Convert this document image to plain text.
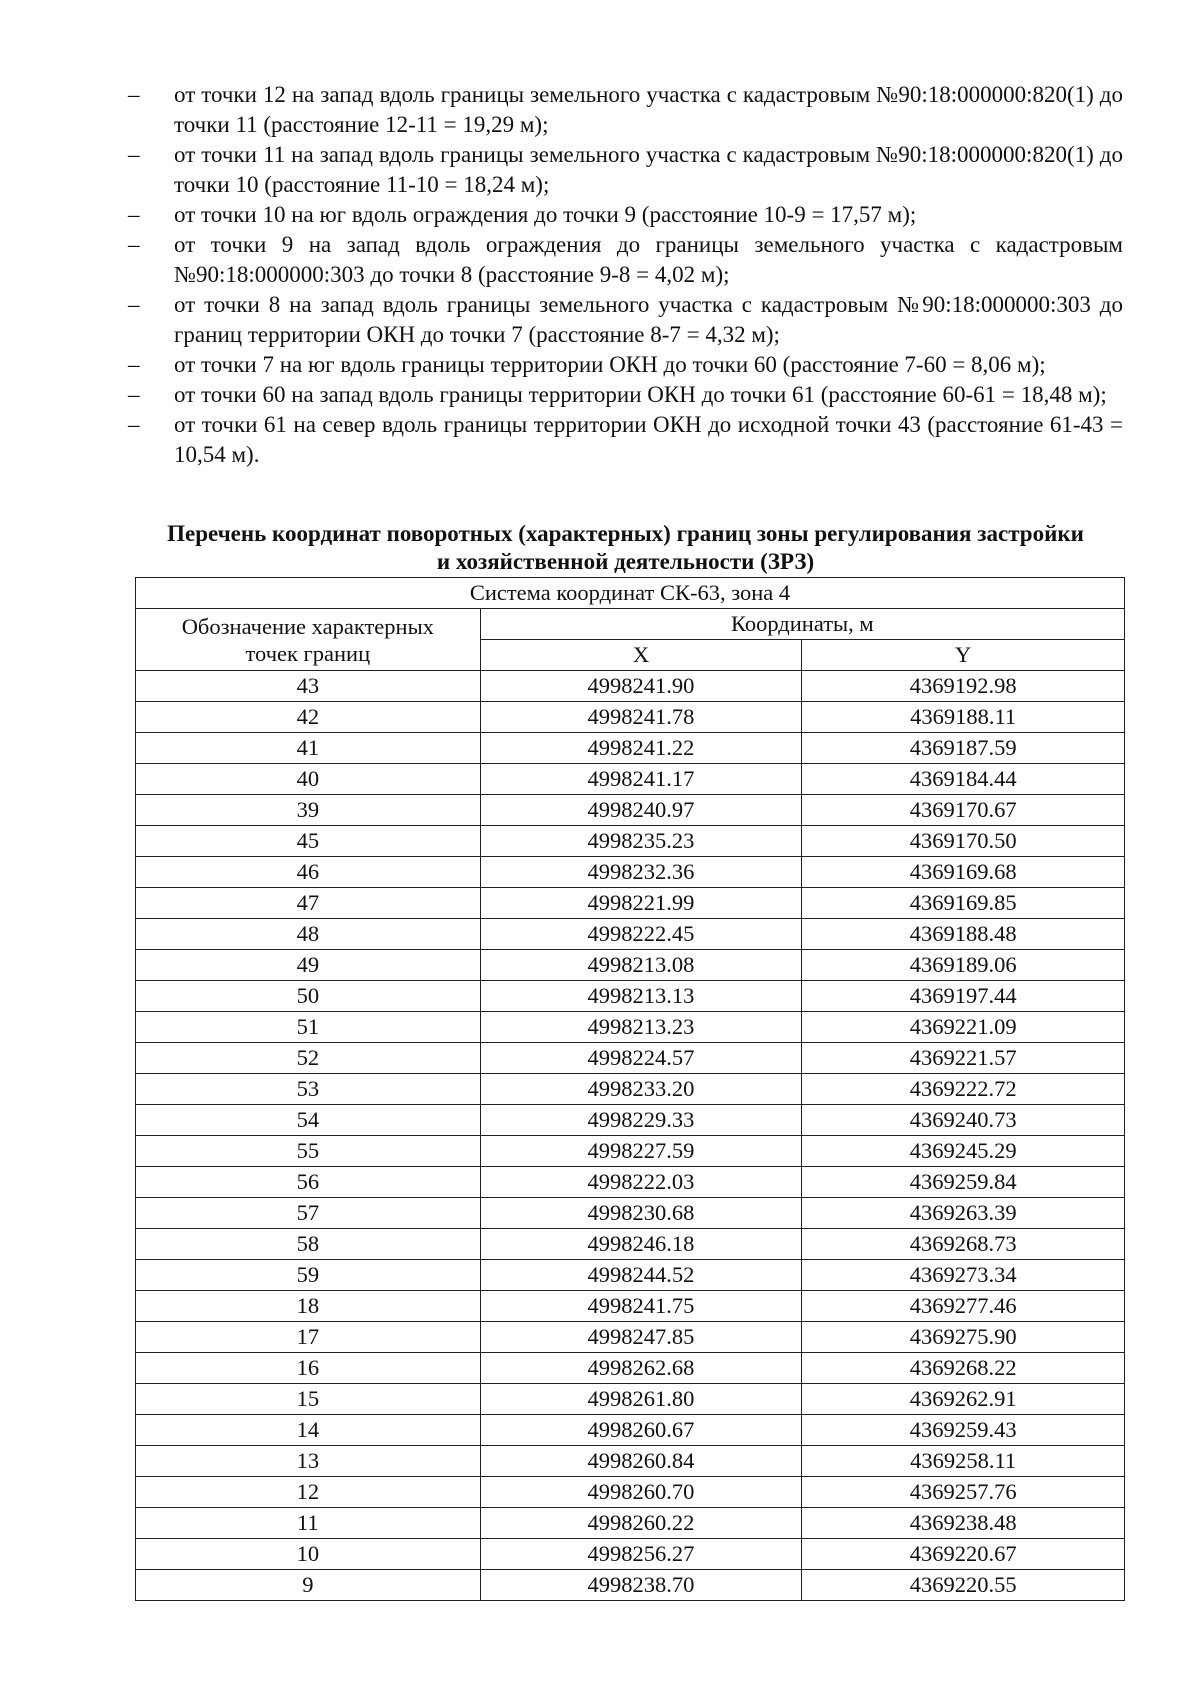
– от точки 12 на запад вдоль границы земельного участка с кадастровым №90:18:000000:820(1) до точки 11 (расстояние 12-11 = 19,29 м);
– от точки 11 на запад вдоль границы земельного участка с кадастровым №90:18:000000:820(1) до точки 10 (расстояние 11-10 = 18,24 м);
– от точки 10 на юг вдоль ограждения до точки 9 (расстояние 10-9 = 17,57 м);
– от точки 9 на запад вдоль ограждения до границы земельного участка с кадастровым №90:18:000000:303 до точки 8 (расстояние 9-8 = 4,02 м);
– от точки 8 на запад вдоль границы земельного участка с кадастровым №90:18:000000:303 до границ территории ОКН до точки 7 (расстояние 8-7 = 4,32 м);
– от точки 7 на юг вдоль границы территории ОКН до точки 60 (расстояние 7-60 = 8,06 м);
– от точки 60 на запад вдоль границы территории ОКН до точки 61 (расстояние 60-61 = 18,48 м);
– от точки 61 на север вдоль границы территории ОКН до исходной точки 43 (расстояние 61-43 = 10,54 м).
Перечень координат поворотных (характерных) границ зоны регулирования застройки
и хозяйственной деятельности (ЗРЗ)
Система координат СК-63, зона 4		

Обозначение характерных
точек границ	Координаты, м	
	X	Y
43	4998241.90	4369192.98
42	4998241.78	4369188.11
41	4998241.22	4369187.59
40	4998241.17	4369184.44
39	4998240.97	4369170.67
45	4998235.23	4369170.50
46	4998232.36	4369169.68
47	4998221.99	4369169.85
48	4998222.45	4369188.48
49	4998213.08	4369189.06
50	4998213.13	4369197.44
51	4998213.23	4369221.09
52	4998224.57	4369221.57
53	4998233.20	4369222.72
54	4998229.33	4369240.73
55	4998227.59	4369245.29
56	4998222.03	4369259.84
57	4998230.68	4369263.39
58	4998246.18	4369268.73
59	4998244.52	4369273.34
18	4998241.75	4369277.46
17	4998247.85	4369275.90
16	4998262.68	4369268.22
15	4998261.80	4369262.91
14	4998260.67	4369259.43
13	4998260.84	4369258.11
12	4998260.70	4369257.76
11	4998260.22	4369238.48
10	4998256.27	4369220.67
9	4998238.70	4369220.55
